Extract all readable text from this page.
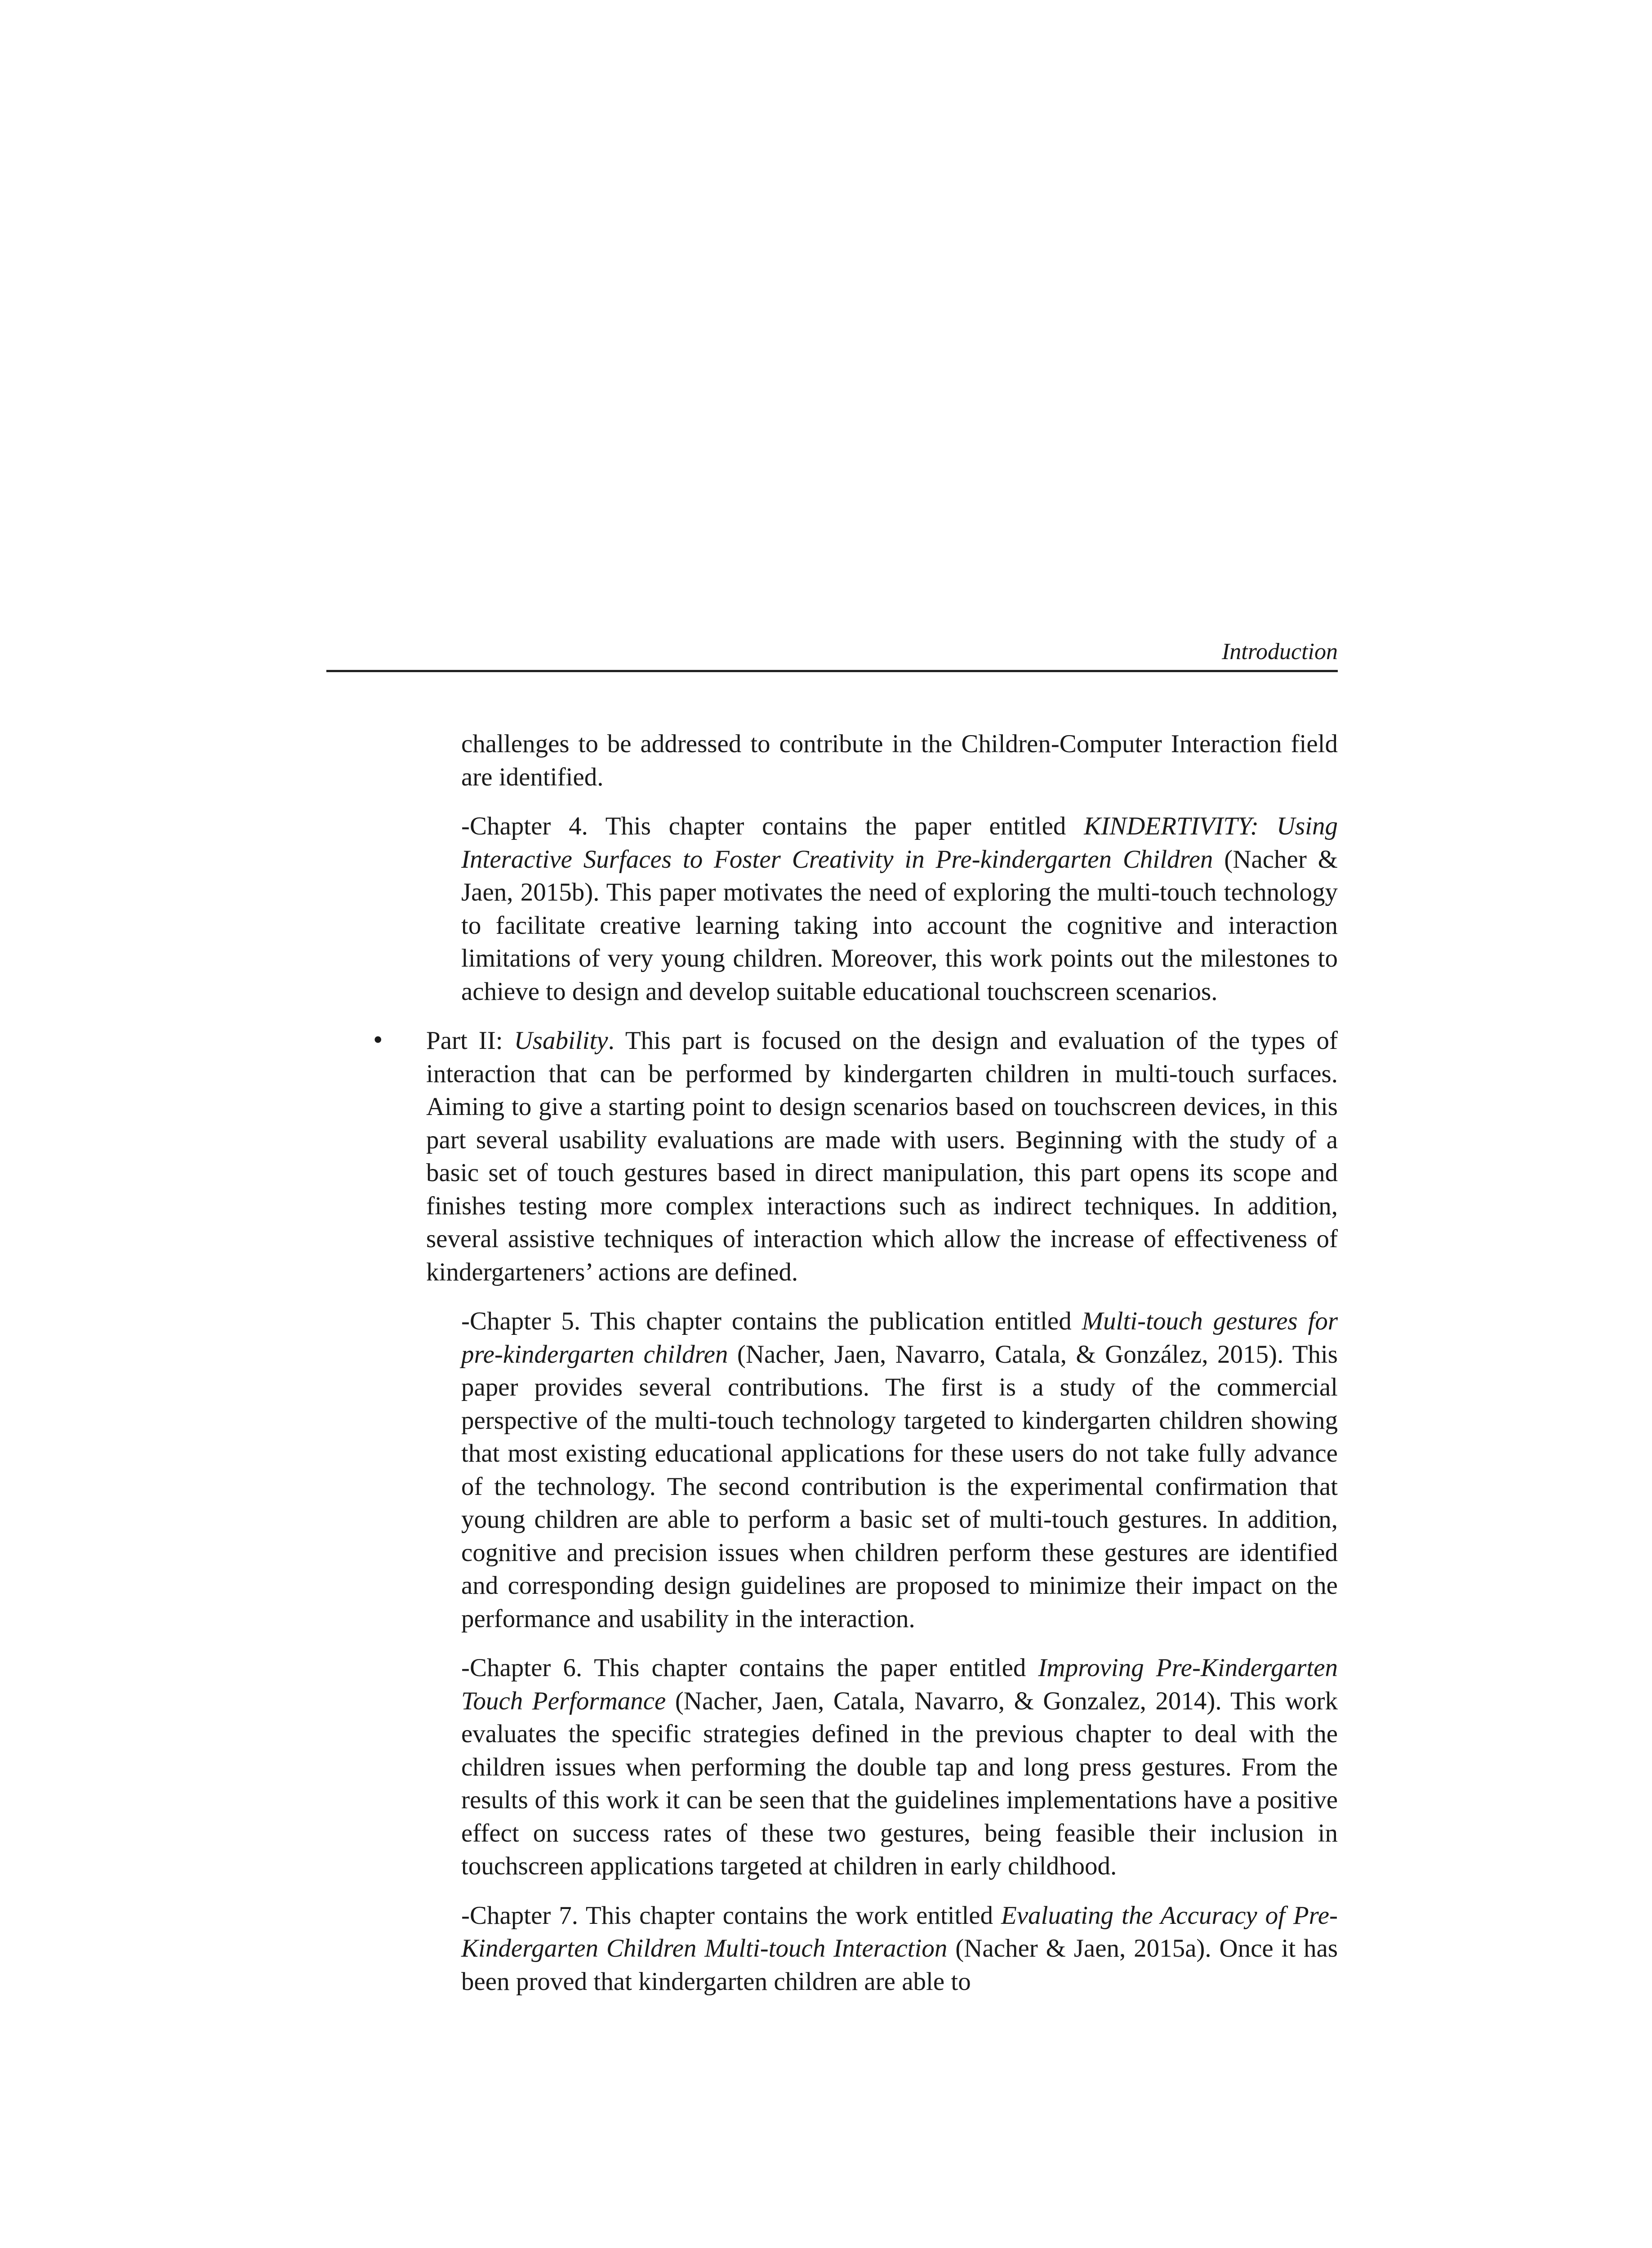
Introduction

challenges to be addressed to contribute in the Children-Computer Interaction field are identified.

-Chapter 4. This chapter contains the paper entitled KINDERTIVITY: Using Interactive Surfaces to Foster Creativity in Pre-kindergarten Children (Nacher & Jaen, 2015b). This paper motivates the need of exploring the multi-touch technology to facilitate creative learning taking into account the cognitive and interaction limitations of very young children. Moreover, this work points out the milestones to achieve to design and develop suitable educational touchscreen scenarios.

• Part II: Usability. This part is focused on the design and evaluation of the types of interaction that can be performed by kindergarten children in multi-touch surfaces. Aiming to give a starting point to design scenarios based on touchscreen devices, in this part several usability evaluations are made with users. Beginning with the study of a basic set of touch gestures based in direct manipulation, this part opens its scope and finishes testing more complex interactions such as indirect techniques. In addition, several assistive techniques of interaction which allow the increase of effectiveness of kindergarteners’ actions are defined.

-Chapter 5. This chapter contains the publication entitled Multi-touch gestures for pre-kindergarten children (Nacher, Jaen, Navarro, Catala, & González, 2015). This paper provides several contributions. The first is a study of the commercial perspective of the multi-touch technology targeted to kindergarten children showing that most existing educational applications for these users do not take fully advance of the technology. The second contribution is the experimental confirmation that young children are able to perform a basic set of multi-touch gestures. In addition, cognitive and precision issues when children perform these gestures are identified and corresponding design guidelines are proposed to minimize their impact on the performance and usability in the interaction.

-Chapter 6. This chapter contains the paper entitled Improving Pre-Kindergarten Touch Performance (Nacher, Jaen, Catala, Navarro, & Gonzalez, 2014). This work evaluates the specific strategies defined in the previous chapter to deal with the children issues when performing the double tap and long press gestures. From the results of this work it can be seen that the guidelines implementations have a positive effect on success rates of these two gestures, being feasible their inclusion in touchscreen applications targeted at children in early childhood.

-Chapter 7. This chapter contains the work entitled Evaluating the Accuracy of Pre-Kindergarten Children Multi-touch Interaction (Nacher & Jaen, 2015a). Once it has been proved that kindergarten children are able to
